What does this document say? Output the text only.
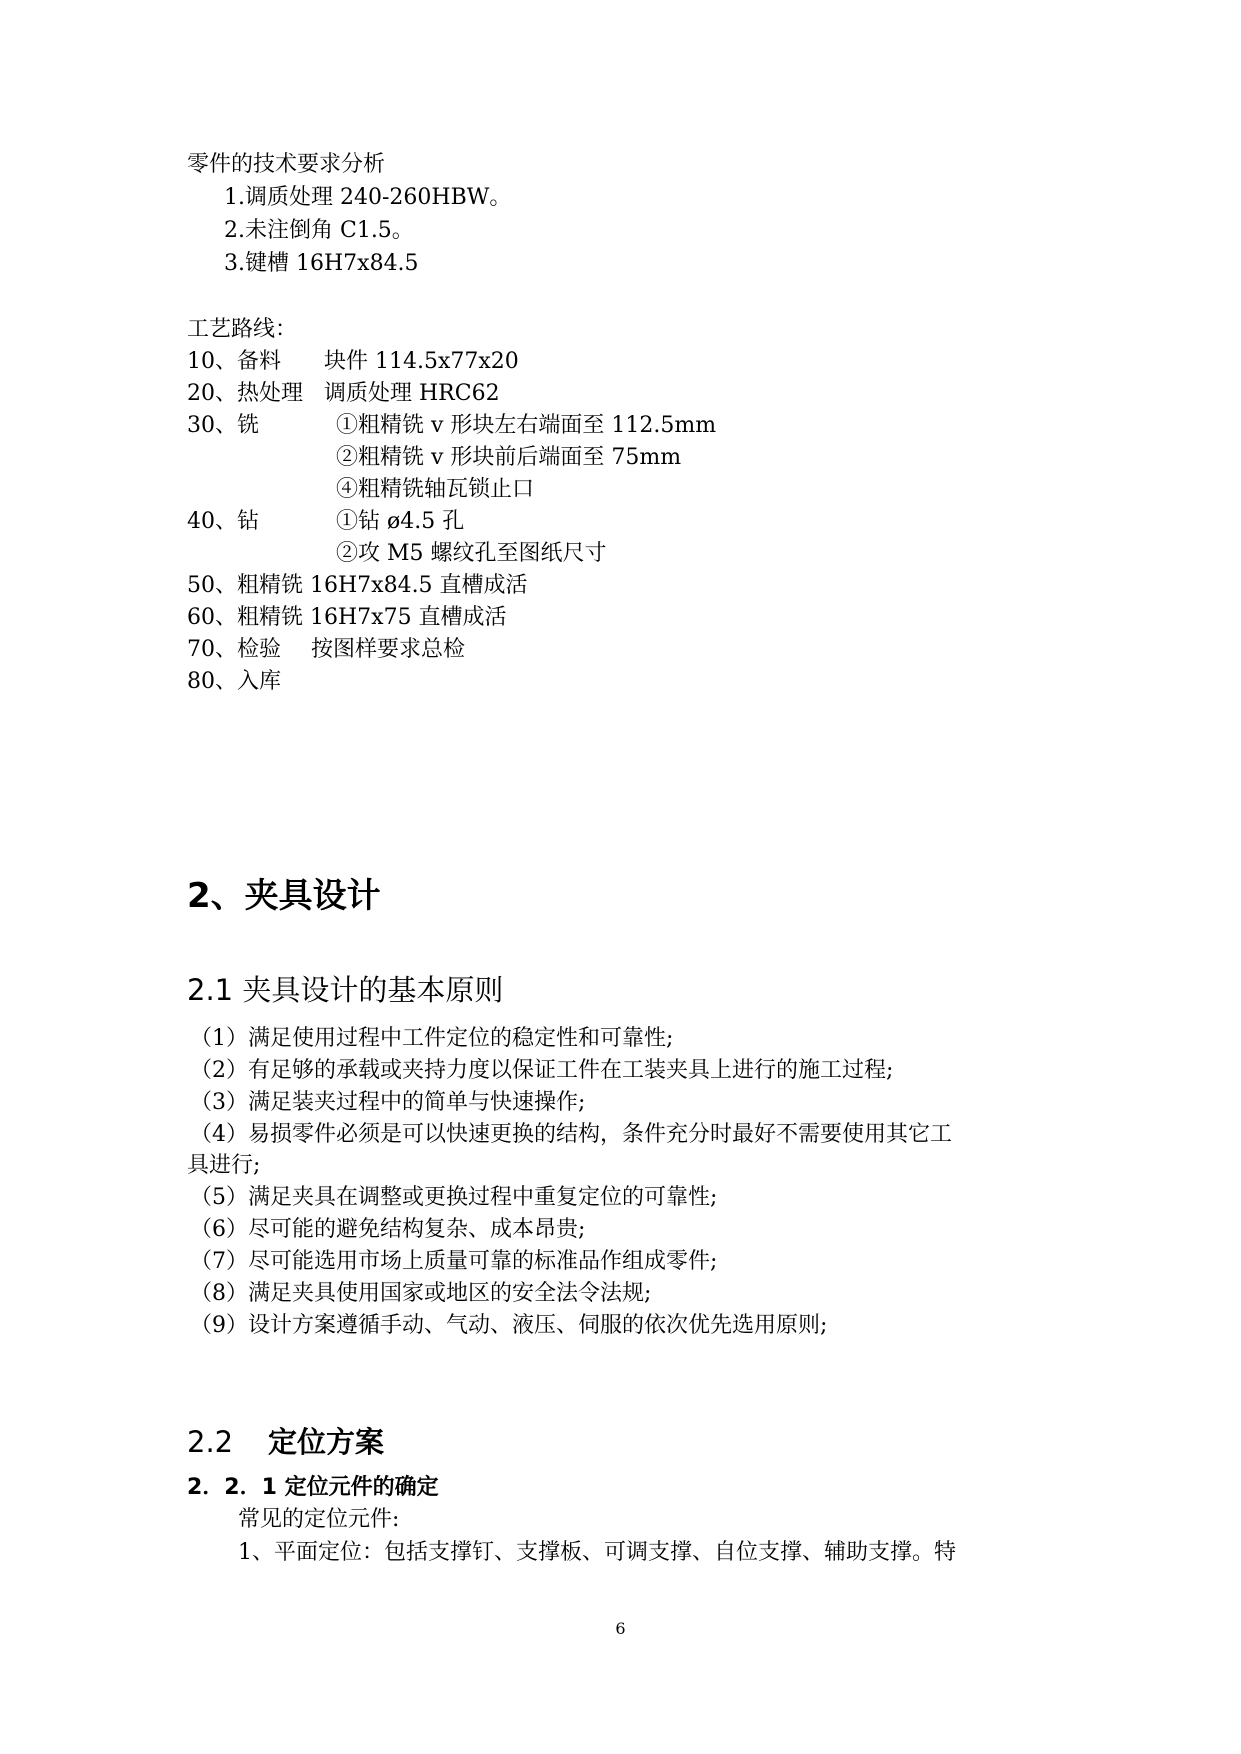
零件的技术要求分析
1.调质处理 240-260HBW。
2.未注倒角 C1.5。
3.键槽 16H7x84.5
工艺路线：
10、备料 块件 114.5x77x20
20、热处理 调质处理 HRC62
30、铣	①粗精铣 v 形块左右端面至 112.5mm
②粗精铣 v 形块前后端面至 75mm
④粗精铣轴瓦锁止口
40、钻	①钻 ø4.5 孔
②攻 M5 螺纹孔至图纸尺寸
50、粗精铣 16H7x84.5 直槽成活
60、粗精铣 16H7x75 直槽成活
70、检验 按图样要求总检
80、入库
2、夹具设计
2.1 夹具设计的基本原则
（1）满足使用过程中工件定位的稳定性和可靠性;
（2）有足够的承载或夹持力度以保证工件在工装夹具上进行的施工过程;
（3）满足装夹过程中的简单与快速操作;
（4）易损零件必须是可以快速更换的结构，条件充分时最好不需要使用其它工
具进行;
（5）满足夹具在调整或更换过程中重复定位的可靠性;
（6）尽可能的避免结构复杂、成本昂贵;
（7）尽可能选用市场上质量可靠的标准品作组成零件;
（8）满足夹具使用国家或地区的安全法令法规;
（9）设计方案遵循手动、气动、液压、伺服的依次优先选用原则;
2.2 定位方案
2．2．1 定位元件的确定
常见的定位元件:
1、平面定位：包括支撑钉、支撑板、可调支撑、自位支撑、辅助支撑。特
6
